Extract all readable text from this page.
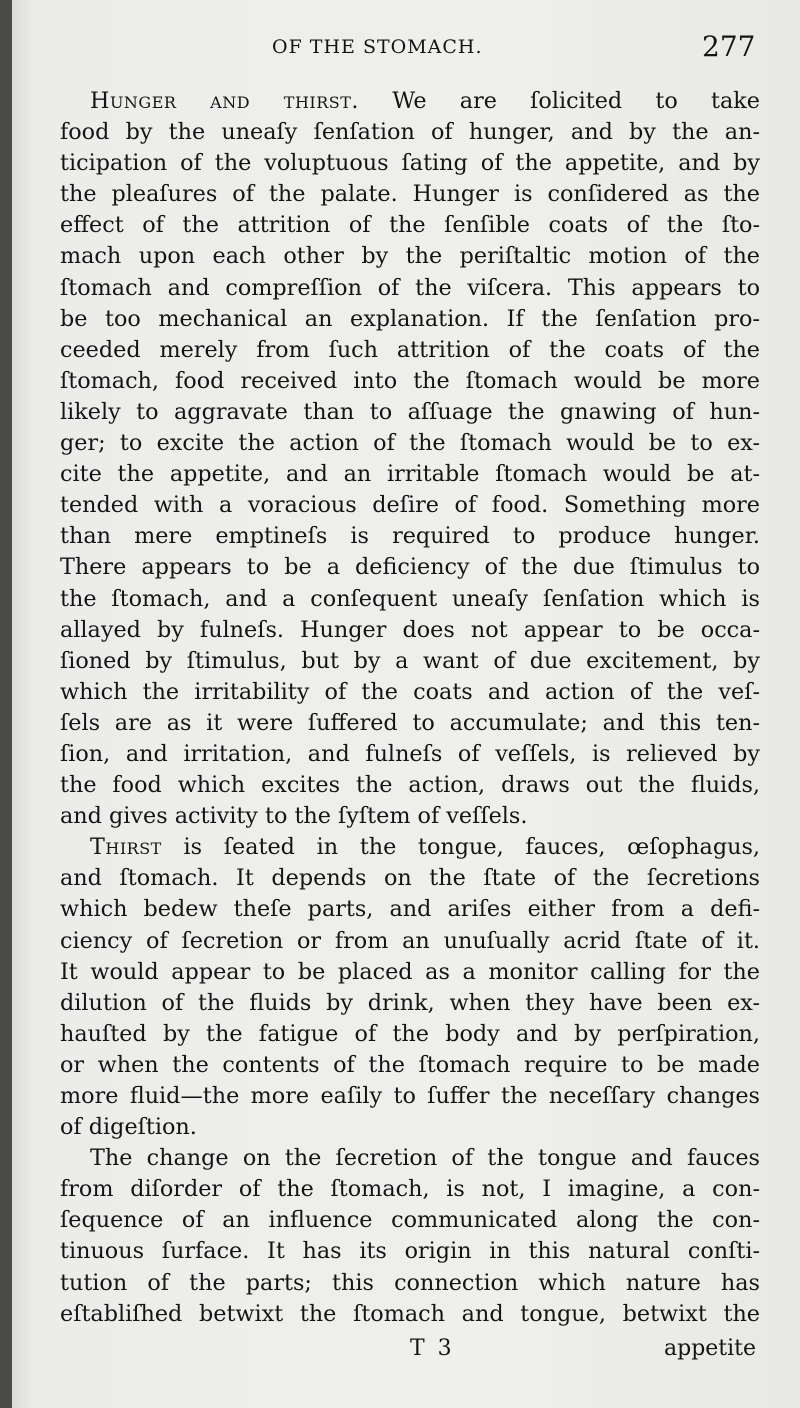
OF THE STOMACH.	277
Hunger and thirst. We are ſolicited to take
food by the uneaſy ſenſation of hunger, and by the an-
ticipation of the voluptuous ſating of the appetite, and by
the pleaſures of the palate. Hunger is conſidered as the
effect of the attrition of the ſenſible coats of the ſto-
mach upon each other by the periſtaltic motion of the
ſtomach and compreſſion of the viſcera. This appears to
be too mechanical an explanation. If the ſenſation pro-
ceeded merely from ſuch attrition of the coats of the
ſtomach, food received into the ſtomach would be more
likely to aggravate than to aſſuage the gnawing of hun-
ger; to excite the action of the ſtomach would be to ex-
cite the appetite, and an irritable ſtomach would be at-
tended with a voracious deſire of food. Something more
than mere emptineſs is required to produce hunger.
There appears to be a deficiency of the due ſtimulus to
the ſtomach, and a conſequent uneaſy ſenſation which is
allayed by fulneſs. Hunger does not appear to be occa-
ſioned by ſtimulus, but by a want of due excitement, by
which the irritability of the coats and action of the veſ-
ſels are as it were ſuffered to accumulate; and this ten-
ſion, and irritation, and fulneſs of veſſels, is relieved by
the food which excites the action, draws out the fluids,
and gives activity to the ſyſtem of veſſels.
Thirst is ſeated in the tongue, fauces, œſophagus,
and ſtomach. It depends on the ſtate of the ſecretions
which bedew theſe parts, and ariſes either from a defi-
ciency of ſecretion or from an unuſually acrid ſtate of it.
It would appear to be placed as a monitor calling for the
dilution of the fluids by drink, when they have been ex-
hauſted by the fatigue of the body and by perſpiration,
or when the contents of the ſtomach require to be made
more fluid—the more eaſily to ſuffer the neceſſary changes
of digeſtion.
The change on the ſecretion of the tongue and fauces
from diſorder of the ſtomach, is not, I imagine, a con-
ſequence of an influence communicated along the con-
tinuous ſurface. It has its origin in this natural conſti-
tution of the parts; this connection which nature has
eſtabliſhed betwixt the ſtomach and tongue, betwixt the
T 3	appetite
